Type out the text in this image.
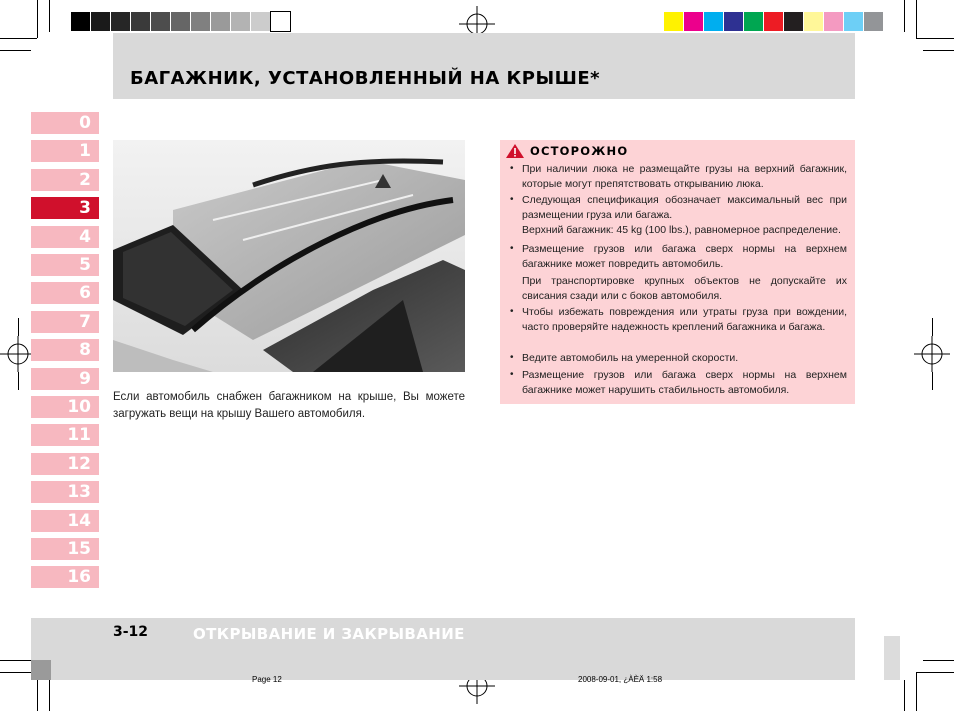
БАГАЖНИК, УСТАНОВЛЕННЫЙ НА КРЫШЕ*
0
1
2
3
4
5
6
7
8
9
10
11
12
13
14
15
16
Если автомобиль снабжен багажником на крыше, Вы можете загружать вещи на крышу Вашего автомобиля.
ОСТОРОЖНО
• При наличии люка не размещайте грузы на верхний багажник, которые могут препятствовать открыванию люка.
• Следующая спецификация обозначает максимальный вес при размещении груза или багажа.
Верхний багажник: 45 kg (100 lbs.), равномерное распределение.
• Размещение грузов или багажа сверх нормы на верхнем багажнике может повредить автомобиль.
При транспортировке крупных объектов не допускайте их свисания сзади или с боков автомобиля.
• Чтобы избежать повреждения или утраты груза при вождении, часто проверяйте надежность креплений багажника и багажа.
• Ведите автомобиль на умеренной скорости.
• Размещение грузов или багажа сверх нормы на верхнем багажнике может нарушить стабильность автомобиля.
3-12	ОТКРЫВАНИЕ И ЗАКРЫВАНИЕ
Page 12	2008-09-01, ¿ÀÈÄ 1:58
